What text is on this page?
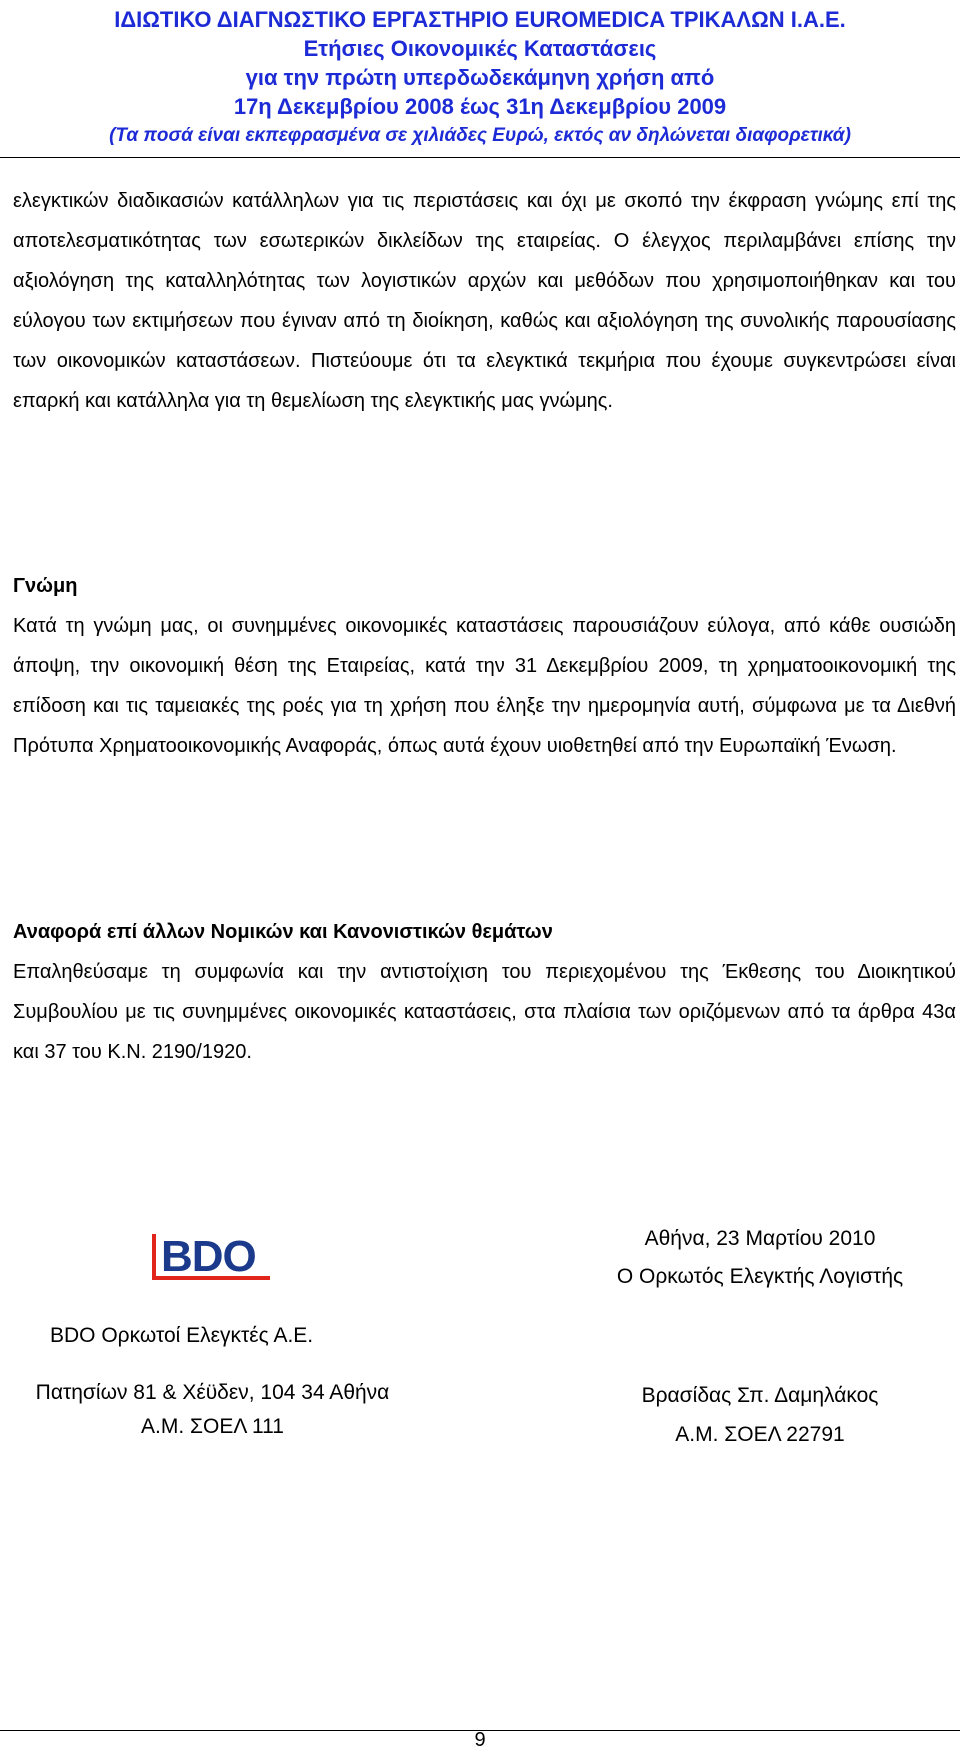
ΙΔΙΩΤΙΚΟ ΔΙΑΓΝΩΣΤΙΚΟ ΕΡΓΑΣΤΗΡΙΟ EUROMEDICA ΤΡΙΚΑΛΩΝ Ι.Α.Ε.
Ετήσιες Οικονομικές Καταστάσεις
για την πρώτη υπερδωδεκάμηνη χρήση από
17η Δεκεμβρίου 2008 έως 31η Δεκεμβρίου 2009
(Τα ποσά είναι εκπεφρασμένα σε χιλιάδες Ευρώ, εκτός αν δηλώνεται διαφορετικά)
ελεγκτικών διαδικασιών κατάλληλων για τις περιστάσεις και όχι με σκοπό την έκφραση γνώμης επί της αποτελεσματικότητας των εσωτερικών δικλείδων της εταιρείας. Ο έλεγχος περιλαμβάνει επίσης την αξιολόγηση της καταλληλότητας των λογιστικών αρχών και μεθόδων που χρησιμοποιήθηκαν και του εύλογου των εκτιμήσεων που έγιναν από τη διοίκηση, καθώς και αξιολόγηση της συνολικής παρουσίασης των οικονομικών καταστάσεων. Πιστεύουμε ότι τα ελεγκτικά τεκμήρια που έχουμε συγκεντρώσει είναι επαρκή και κατάλληλα για τη θεμελίωση της ελεγκτικής μας γνώμης.
Γνώμη
Κατά τη γνώμη μας, οι συνημμένες οικονομικές καταστάσεις παρουσιάζουν εύλογα, από κάθε ουσιώδη άποψη, την οικονομική θέση της Εταιρείας, κατά την 31 Δεκεμβρίου 2009, τη χρηματοοικονομική της επίδοση και τις ταμειακές της ροές για τη χρήση που έληξε την ημερομηνία αυτή, σύμφωνα με τα Διεθνή Πρότυπα Χρηματοοικονομικής Αναφοράς, όπως αυτά έχουν υιοθετηθεί από την Ευρωπαϊκή Ένωση.
Αναφορά επί άλλων Νομικών και Κανονιστικών θεμάτων
Επαληθεύσαμε τη συμφωνία και την αντιστοίχιση του περιεχομένου της Έκθεσης του Διοικητικού Συμβουλίου με τις συνημμένες οικονομικές καταστάσεις, στα πλαίσια των οριζόμενων από τα άρθρα 43α και 37 του Κ.Ν. 2190/1920.
BDO
BDO Ορκωτοί Ελεγκτές Α.Ε.
Πατησίων 81 & Χέϋδεν, 104 34 Αθήνα
Α.Μ. ΣΟΕΛ 111
Αθήνα, 23 Μαρτίου 2010
Ο Ορκωτός Ελεγκτής Λογιστής
Βρασίδας Σπ. Δαμηλάκος
Α.Μ. ΣΟΕΛ 22791
9
